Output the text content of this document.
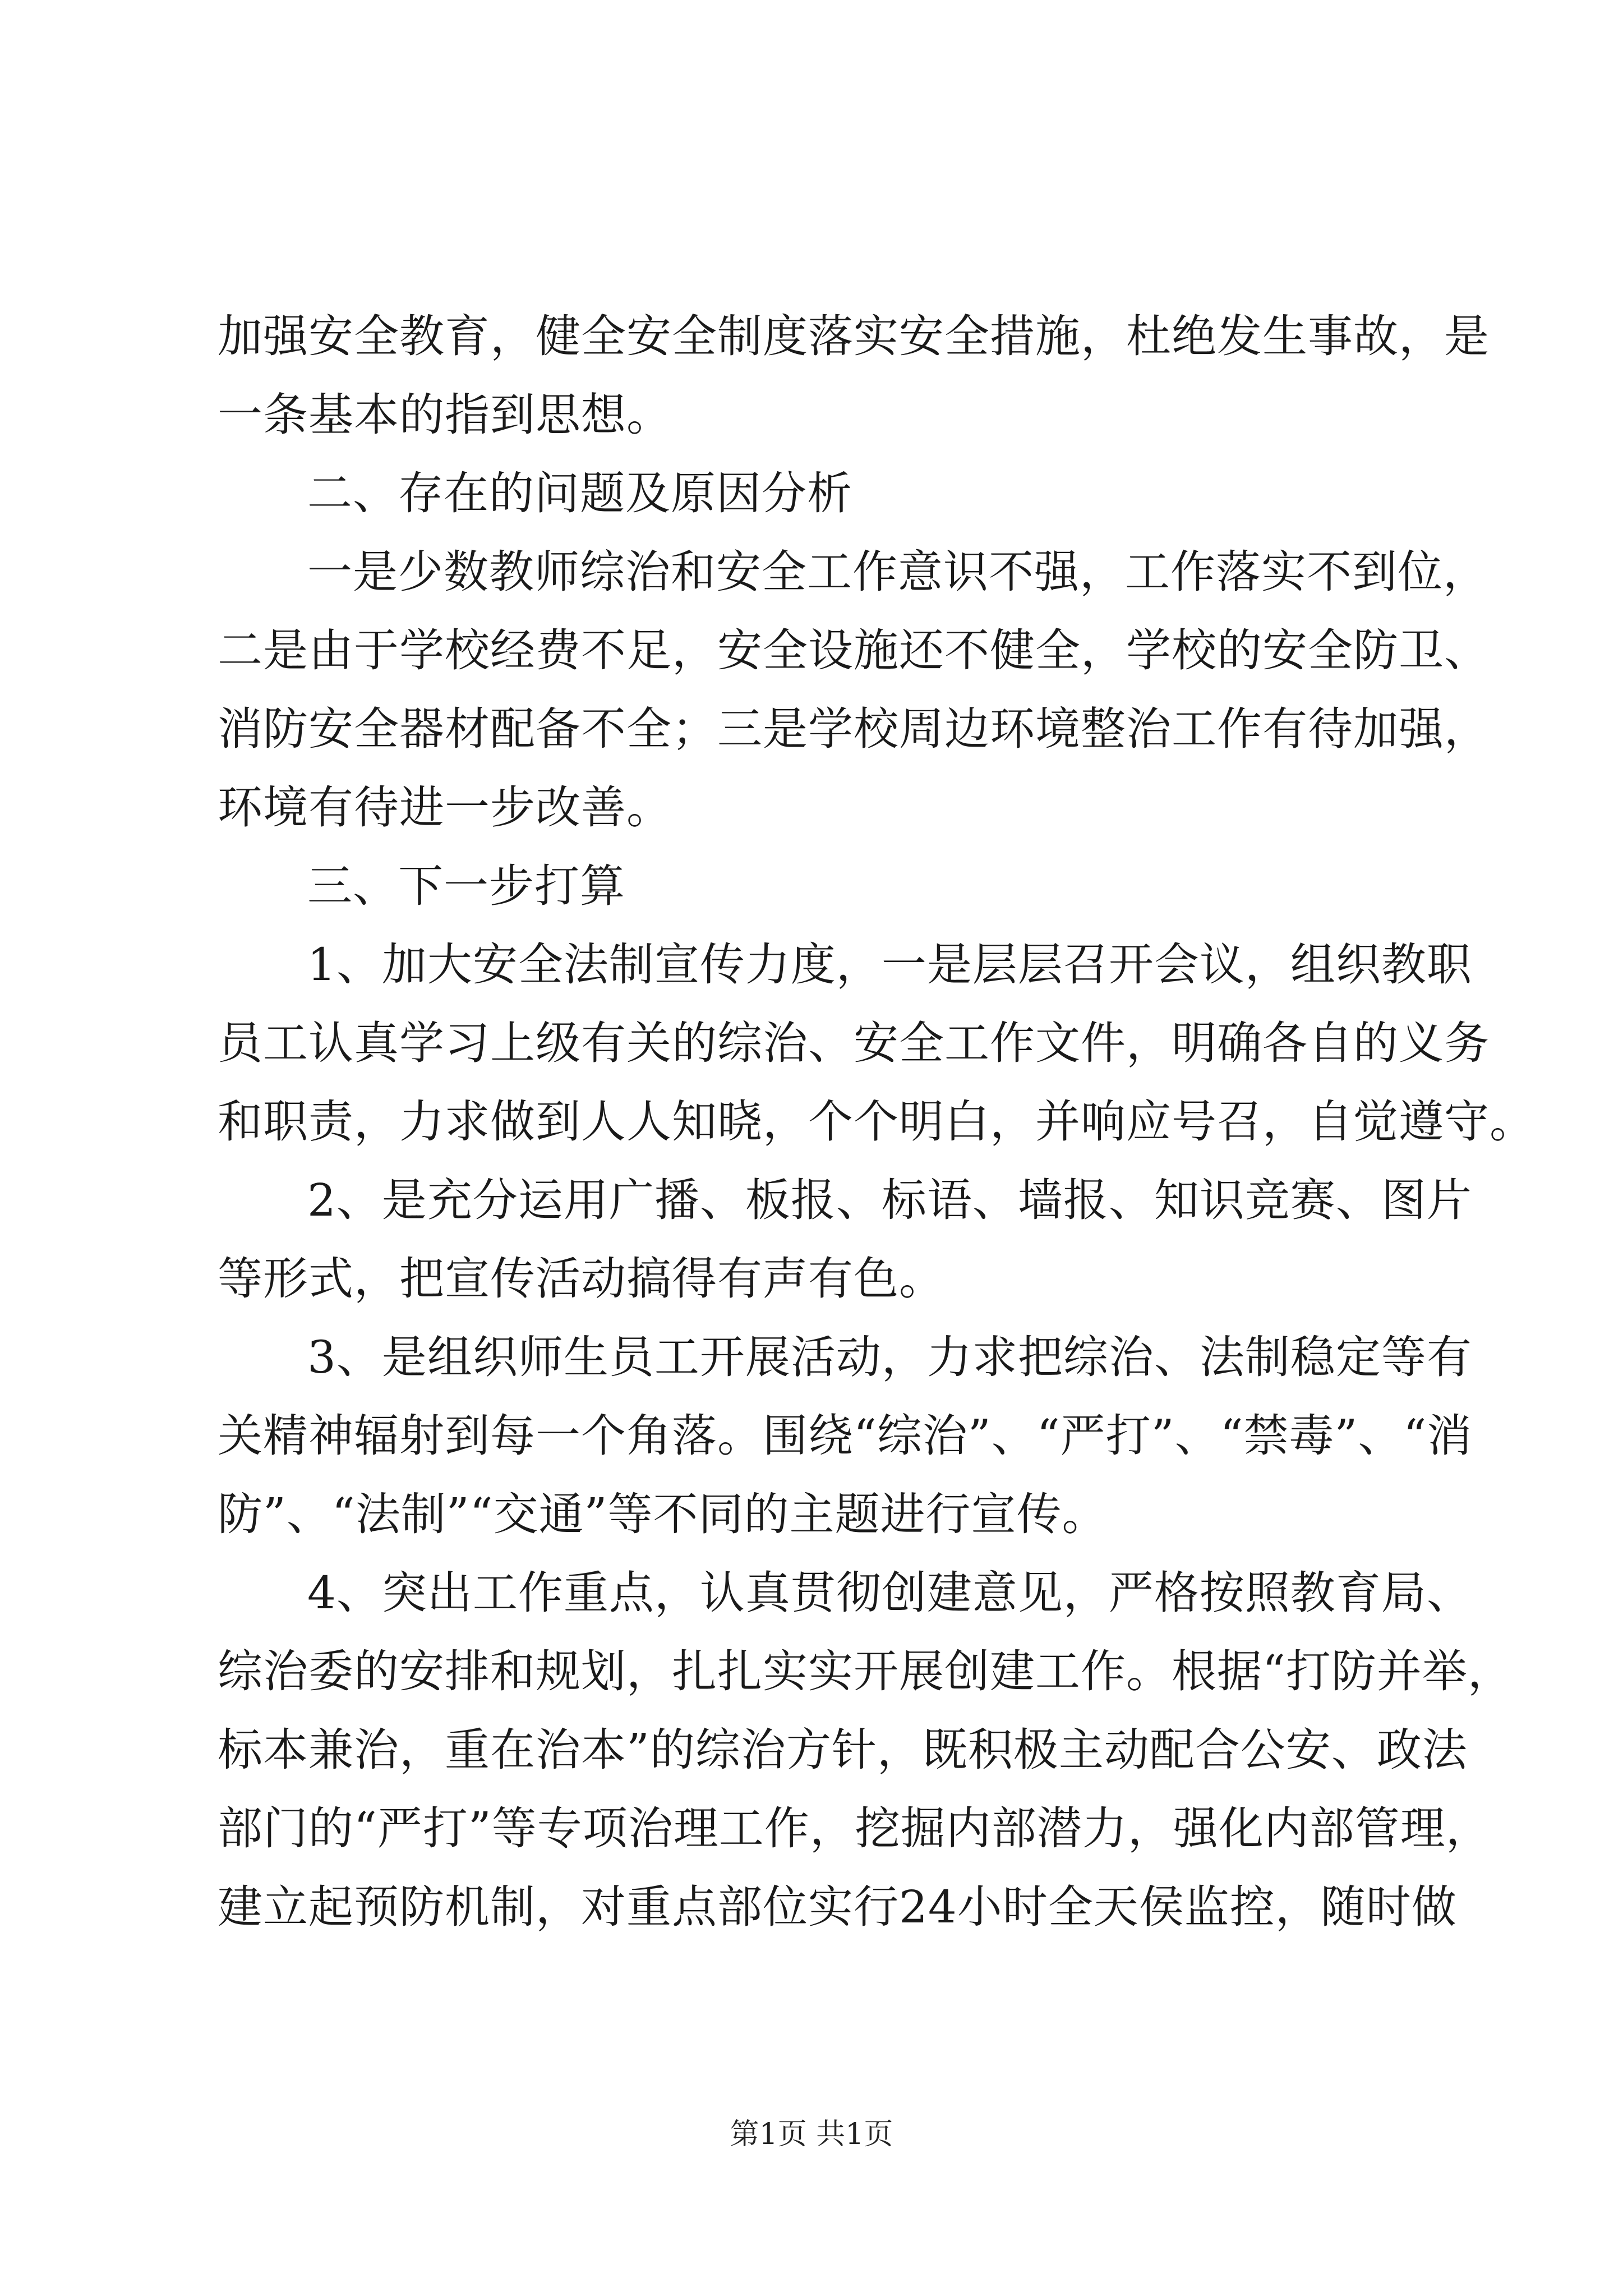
加强安全教育，健全安全制度落实安全措施，杜绝发生事故，是
一条基本的指到思想。
二、存在的问题及原因分析
一是少数教师综治和安全工作意识不强，工作落实不到位，
二是由于学校经费不足，安全设施还不健全，学校的安全防卫、
消防安全器材配备不全；三是学校周边环境整治工作有待加强，
环境有待进一步改善。
三、下一步打算
1、加大安全法制宣传力度，一是层层召开会议，组织教职
员工认真学习上级有关的综治、安全工作文件，明确各自的义务
和职责，力求做到人人知晓，个个明白，并响应号召，自觉遵守。
2、是充分运用广播、板报、标语、墙报、知识竞赛、图片
等形式，把宣传活动搞得有声有色。
3、是组织师生员工开展活动，力求把综治、法制稳定等有
关精神辐射到每一个角落。围绕“综治”、“严打”、“禁毒”、“消
防”、“法制”“交通”等不同的主题进行宣传。
4、突出工作重点，认真贯彻创建意见，严格按照教育局、
综治委的安排和规划，扎扎实实开展创建工作。根据“打防并举，
标本兼治，重在治本”的综治方针，既积极主动配合公安、政法
部门的“严打”等专项治理工作，挖掘内部潜力，强化内部管理，
建立起预防机制，对重点部位实行24小时全天侯监控，随时做
第1页 共1页
